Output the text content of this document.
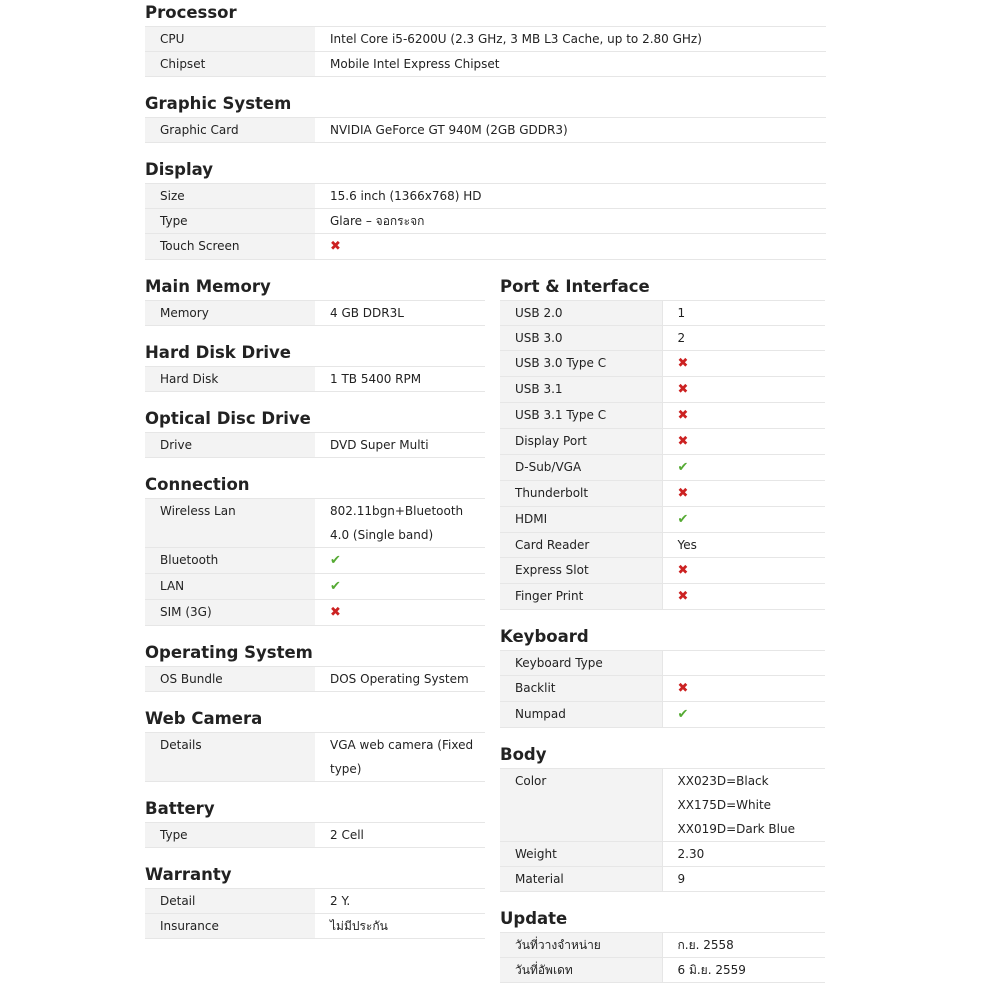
Processor
CPU	Intel Core i5-6200U (2.3 GHz, 3 MB L3 Cache, up to 2.80 GHz)
Chipset	Mobile Intel Express Chipset
Graphic System
Graphic Card	NVIDIA GeForce GT 940M (2GB GDDR3)
Display
Size	15.6 inch (1366x768) HD
Type	Glare – จอกระจก
Touch Screen	✖
Main Memory
Memory	4 GB DDR3L
Hard Disk Drive
Hard Disk	1 TB 5400 RPM
Optical Disc Drive
Drive	DVD Super Multi
Connection
Wireless Lan	802.11bgn+Bluetooth 4.0 (Single band)
Bluetooth	✔
LAN	✔
SIM (3G)	✖
Operating System
OS Bundle	DOS Operating System
Web Camera
Details	VGA web camera (Fixed type)
Battery
Type	2 Cell
Warranty
Detail	2 Y.
Insurance	ไม่มีประกัน
Port & Interface
USB 2.0	1
USB 3.0	2
USB 3.0 Type C	✖
USB 3.1	✖
USB 3.1 Type C	✖
Display Port	✖
D-Sub/VGA	✔
Thunderbolt	✖
HDMI	✔
Card Reader	Yes
Express Slot	✖
Finger Print	✖
Keyboard
Keyboard Type	
Backlit	✖
Numpad	✔
Body
Color	XX023D=Black
XX175D=White
XX019D=Dark Blue

Weight	2.30
Material	9
Update
วันที่วางจำหน่าย	ก.ย. 2558
วันที่อัพเดท	6 มิ.ย. 2559
